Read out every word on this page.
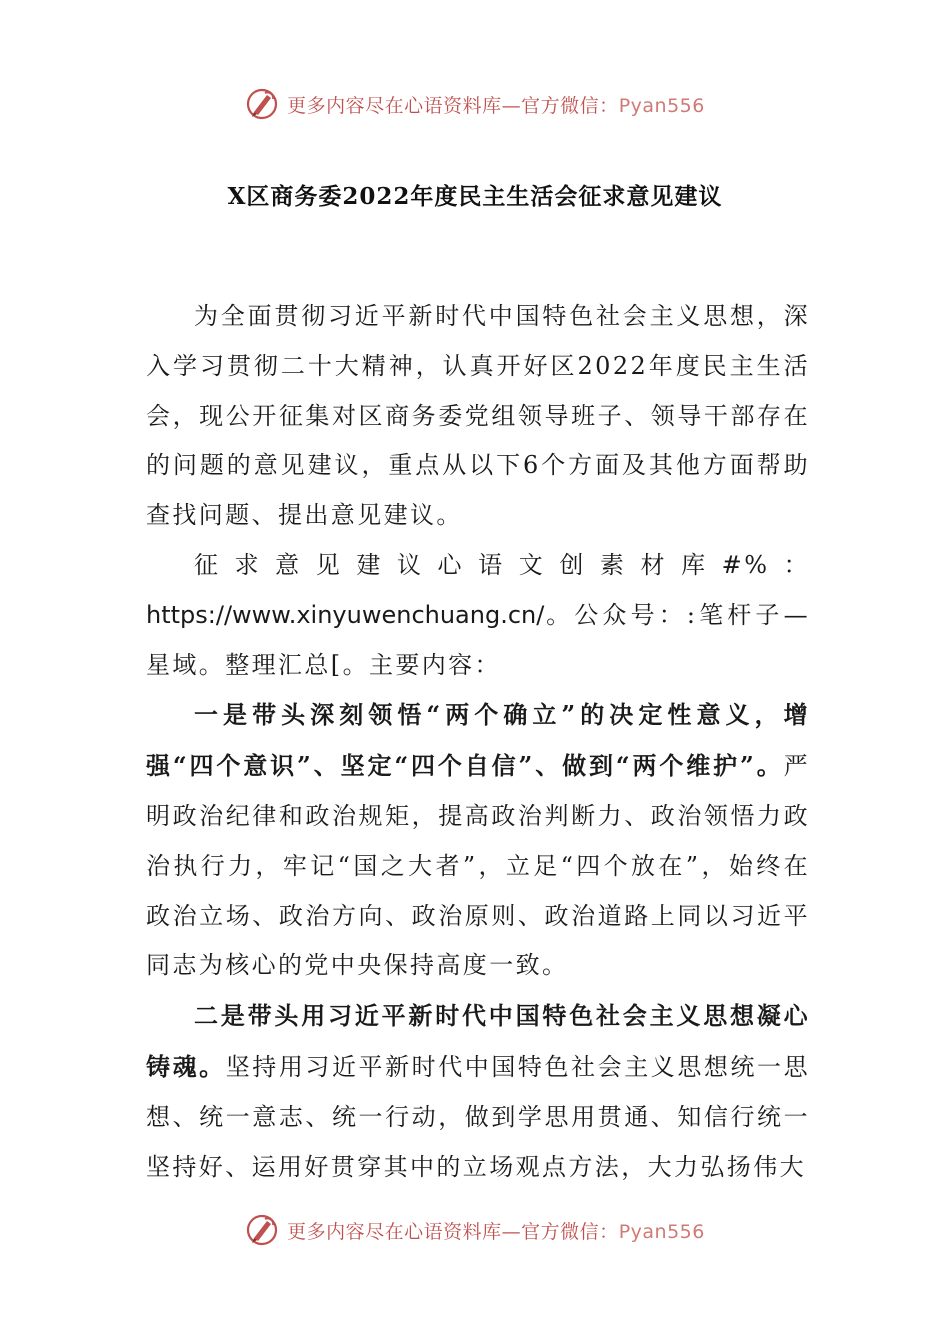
更多内容尽在心语资料库—官方微信：Pyan556
X区商务委2022年度民主生活会征求意见建议

为全面贯彻习近平新时代中国特色社会主义思想，深入学习贯彻二十大精神，认真开好区2022年度民主生活会，现公开征集对区商务委党组领导班子、领导干部存在的问题的意见建议，重点从以下6个方面及其他方面帮助查找问题、提出意见建议。

征求意见建议心语文创素材库#%：https://www.xinyuwenchuang.cn/。公众号：:笔杆子—星域。整理汇总[。主要内容：

一是带头深刻领悟“两个确立”的决定性意义，增强“四个意识”、坚定“四个自信”、做到“两个维护”。严明政治纪律和政治规矩，提高政治判断力、政治领悟力政治执行力，牢记“国之大者”，立足“四个放在”，始终在政治立场、政治方向、政治原则、政治道路上同以习近平同志为核心的党中央保持高度一致。

二是带头用习近平新时代中国特色社会主义思想凝心铸魂。坚持用习近平新时代中国特色社会主义思想统一思想、统一意志、统一行动，做到学思用贯通、知信行统一坚持好、运用好贯穿其中的立场观点方法，大力弘扬伟大

更多内容尽在心语资料库—官方微信：Pyan556
